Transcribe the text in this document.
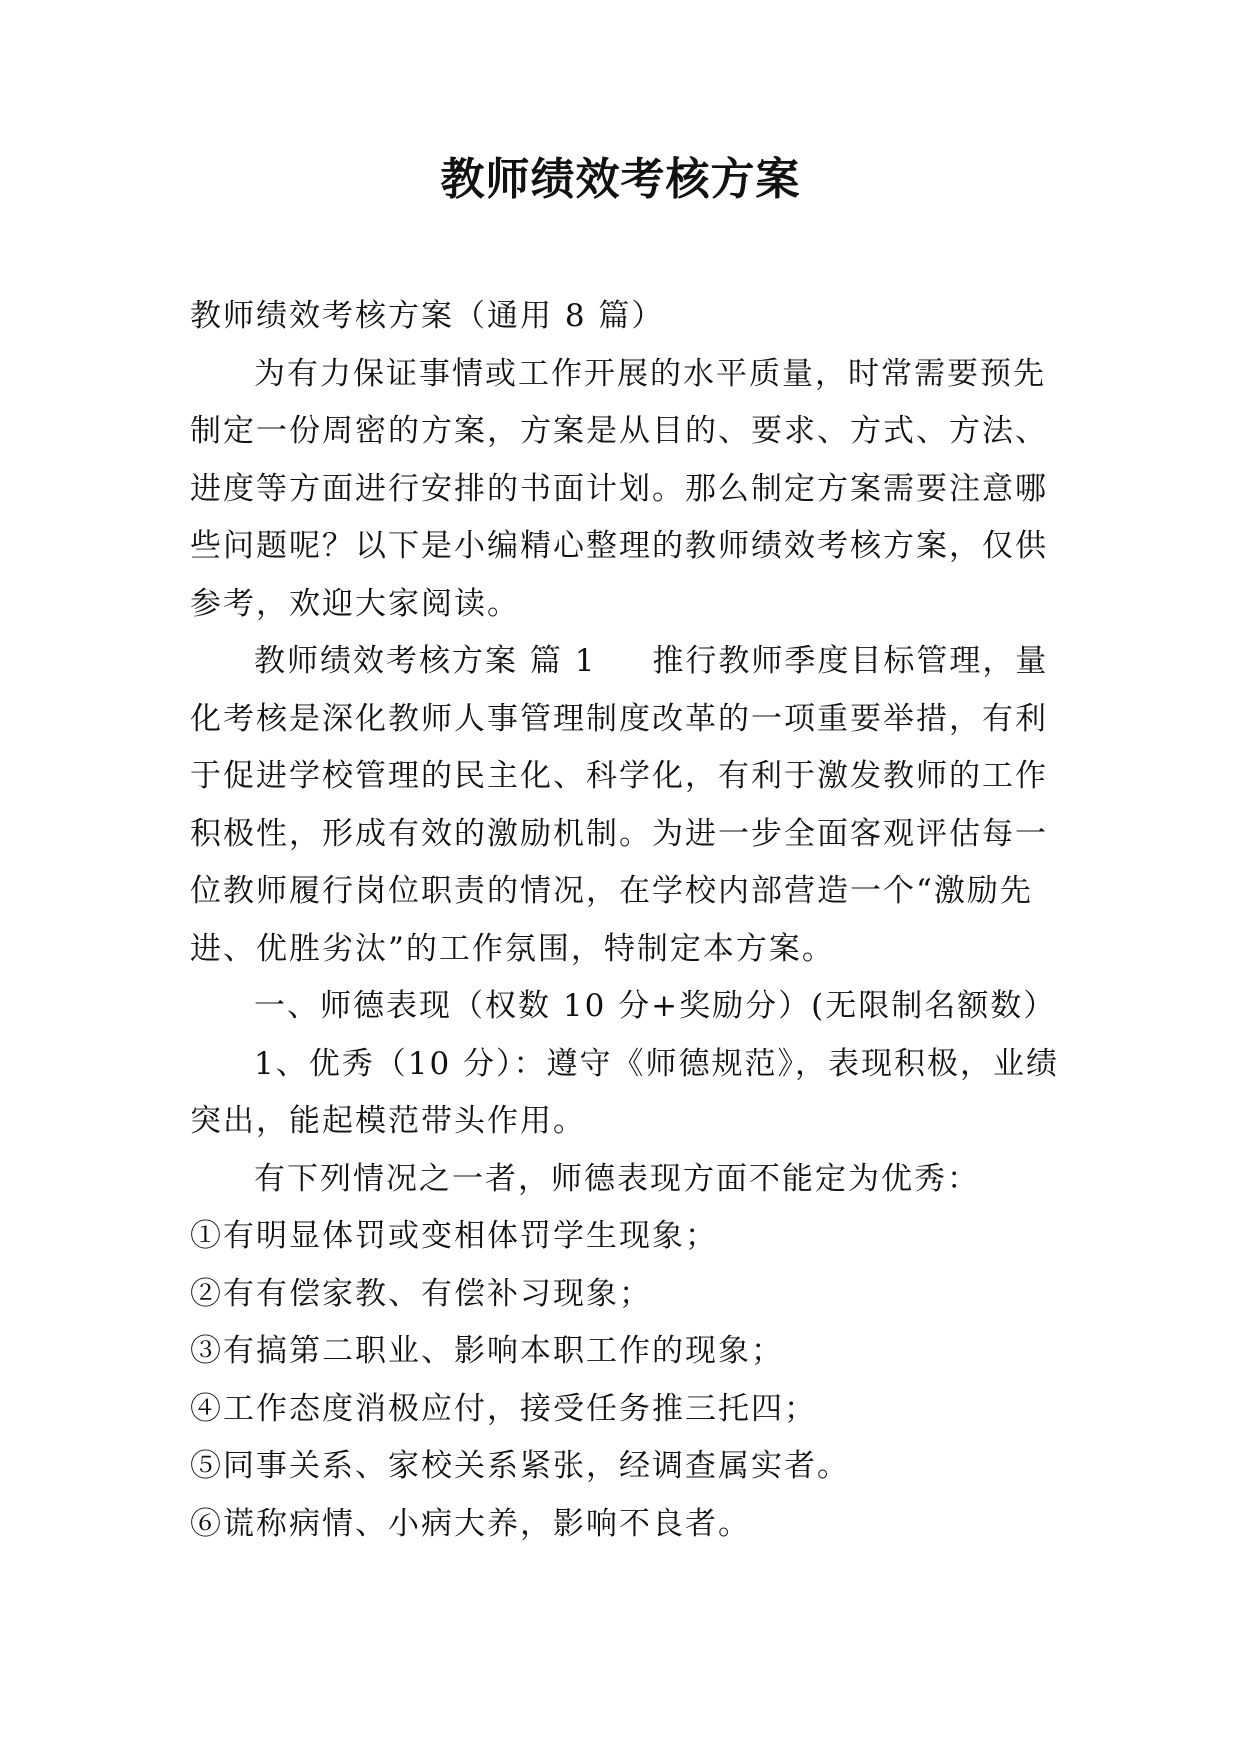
教师绩效考核方案

教师绩效考核方案（通用 8 篇）

为有力保证事情或工作开展的水平质量，时常需要预先制定一份周密的方案，方案是从目的、要求、方式、方法、进度等方面进行安排的书面计划。那么制定方案需要注意哪些问题呢？以下是小编精心整理的教师绩效考核方案，仅供参考，欢迎大家阅读。

教师绩效考核方案 篇 1 推行教师季度目标管理，量化考核是深化教师人事管理制度改革的一项重要举措，有利于促进学校管理的民主化、科学化，有利于激发教师的工作积极性，形成有效的激励机制。为进一步全面客观评估每一位教师履行岗位职责的情况，在学校内部营造一个“激励先进、优胜劣汰”的工作氛围，特制定本方案。

一、师德表现（权数 10 分+奖励分）(无限制名额数）

1、优秀（10 分）：遵守《师德规范》，表现积极，业绩突出，能起模范带头作用。

有下列情况之一者，师德表现方面不能定为优秀：

①有明显体罚或变相体罚学生现象；

②有有偿家教、有偿补习现象；

③有搞第二职业、影响本职工作的现象；

④工作态度消极应付，接受任务推三托四；

⑤同事关系、家校关系紧张，经调查属实者。

⑥谎称病情、小病大养，影响不良者。
